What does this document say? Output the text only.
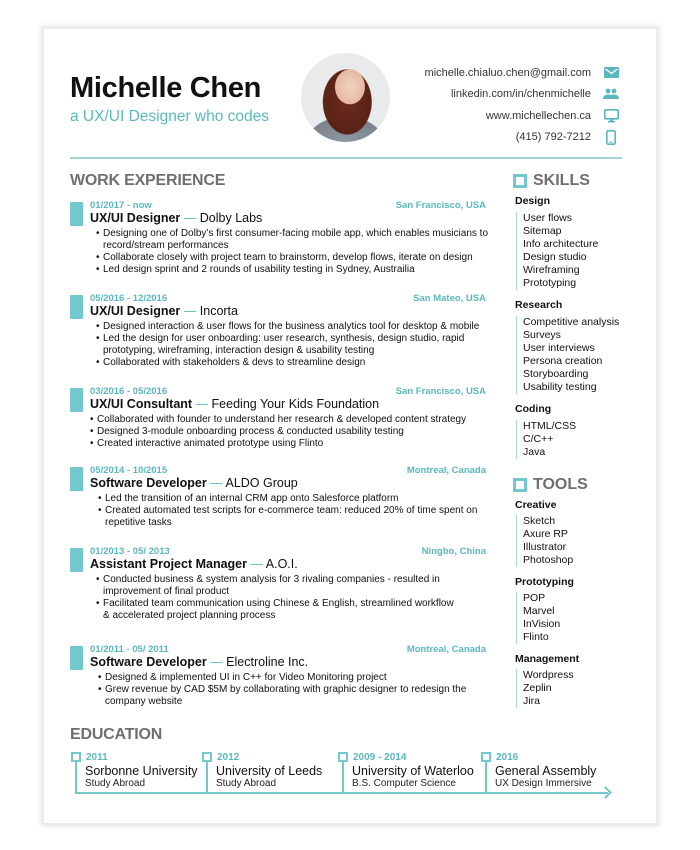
Michelle Chen
a UX/UI Designer who codes
michelle.chialuo.chen@gmail.com
linkedin.com/in/chenmichelle
www.michellechen.ca
(415) 792-7212
WORK EXPERIENCE
01/2017 - now	San Francisco, USA
UX/UI Designer — Dolby Labs
• Designing one of Dolby’s first consumer-facing mobile app, which enables musicians to record/stream performances
• Collaborate closely with project team to brainstorm, develop flows, iterate on design
• Led design sprint and 2 rounds of usability testing in Sydney, Austrailia
05/2016 - 12/2016	San Mateo, USA
UX/UI Designer — Incorta
• Designed interaction & user flows for the business analytics tool for desktop & mobile
• Led the design for user onboarding: user research, synthesis, design studio, rapid prototyping, wireframing, interaction design & usability testing
• Collaborated with stakeholders & devs to streamline design
03/2016 - 05/2016	San Francisco, USA
UX/UI Consultant — Feeding Your Kids Foundation
• Collaborated with founder to understand her research & developed content strategy
• Designed 3-module onboarding process & conducted usability testing
• Created interactive animated prototype using Flinto
05/2014 - 10/2015	Montreal, Canada
Software Developer — ALDO Group
• Led the transition of an internal CRM app onto Salesforce platform
• Created automated test scripts for e-commerce team: reduced 20% of time spent on repetitive tasks
01/2013 - 05/ 2013	Ningbo, China
Assistant Project Manager — A.O.I.
• Conducted business & system analysis for 3 rivaling companies - resulted in improvement of final product
• Facilitated team communication using Chinese & English, streamlined workflow & accelerated project planning process
01/2011 - 05/ 2011	Montreal, Canada
Software Developer — Electroline Inc.
• Designed & implemented UI in C++ for Video Monitoring project
• Grew revenue by CAD $5M by collaborating with graphic designer to redesign the company website
SKILLS
Design
User flows
Sitemap
Info architecture
Design studio
Wireframing
Prototyping
Research
Competitive analysis
Surveys
User interviews
Persona creation
Storyboarding
Usability testing
Coding
HTML/CSS
C/C++
Java
TOOLS
Creative
Sketch
Axure RP
Illustrator
Photoshop
Prototyping
POP
Marvel
InVision
Flinto
Management
Wordpress
Zeplin
Jira
EDUCATION
2011
Sorbonne University
Study Abroad
2012
University of Leeds
Study Abroad
2009 - 2014
University of Waterloo
B.S. Computer Science
2016
General Assembly
UX Design Immersive
